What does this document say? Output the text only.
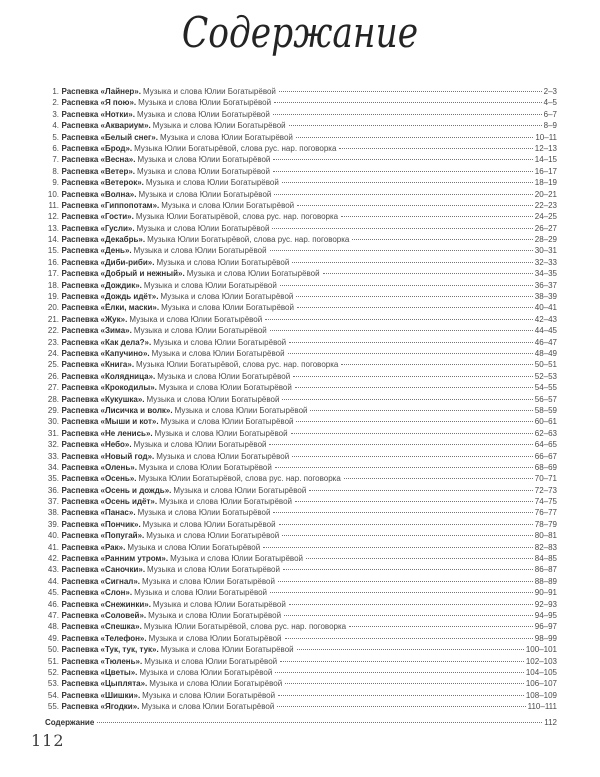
Содержание
1. Распевка «Лайнер». Музыка и слова Юлии Богатырёвой	2–3
2. Распевка «Я пою». Музыка и слова Юлии Богатырёвой	4–5
3. Распевка «Нотки». Музыка и слова Юлии Богатырёвой	6–7
4. Распевка «Аквариум». Музыка и слова Юлии Богатырёвой	8–9
5. Распевка «Белый снег». Музыка и слова Юлии Богатырёвой	10–11
6. Распевка «Брод». Музыка Юлии Богатырёвой, слова рус. нар. поговорка	12–13
7. Распевка «Весна». Музыка и слова Юлии Богатырёвой	14–15
8. Распевка «Ветер». Музыка и слова Юлии Богатырёвой	16–17
9. Распевка «Ветерок». Музыка и слова Юлии Богатырёвой	18–19
10. Распевка «Волна». Музыка и слова Юлии Богатырёвой	20–21
11. Распевка «Гиппопотам». Музыка и слова Юлии Богатырёвой	22–23
12. Распевка «Гости». Музыка Юлии Богатырёвой, слова рус. нар. поговорка	24–25
13. Распевка «Гусли». Музыка и слова Юлии Богатырёвой	26–27
14. Распевка «Декабрь». Музыка Юлии Богатырёвой, слова рус. нар. поговорка	28–29
15. Распевка «День». Музыка и слова Юлии Богатырёвой	30–31
16. Распевка «Диби-риби». Музыка и слова Юлии Богатырёвой	32–33
17. Распевка «Добрый и нежный». Музыка и слова Юлии Богатырёвой	34–35
18. Распевка «Дождик». Музыка и слова Юлии Богатырёвой	36–37
19. Распевка «Дождь идёт». Музыка и слова Юлии Богатырёвой	38–39
20. Распевка «Ёлки, маски». Музыка и слова Юлии Богатырёвой	40–41
21. Распевка «Жук». Музыка и слова Юлии Богатырёвой	42–43
22. Распевка «Зима». Музыка и слова Юлии Богатырёвой	44–45
23. Распевка «Как дела?». Музыка и слова Юлии Богатырёвой	46–47
24. Распевка «Капучино». Музыка и слова Юлии Богатырёвой	48–49
25. Распевка «Книга». Музыка Юлии Богатырёвой, слова рус. нар. поговорка	50–51
26. Распевка «Колядница». Музыка и слова Юлии Богатырёвой	52–53
27. Распевка «Крокодилы». Музыка и слова Юлии Богатырёвой	54–55
28. Распевка «Кукушка». Музыка и слова Юлии Богатырёвой	56–57
29. Распевка «Лисичка и волк». Музыка и слова Юлии Богатырёвой	58–59
30. Распевка «Мыши и кот». Музыка и слова Юлии Богатырёвой	60–61
31. Распевка «Не ленись». Музыка и слова Юлии Богатырёвой	62–63
32. Распевка «Небо». Музыка и слова Юлии Богатырёвой	64–65
33. Распевка «Новый год». Музыка и слова Юлии Богатырёвой	66–67
34. Распевка «Олень». Музыка и слова Юлии Богатырёвой	68–69
35. Распевка «Осень». Музыка Юлии Богатырёвой, слова рус. нар. поговорка	70–71
36. Распевка «Осень и дождь». Музыка и слова Юлии Богатырёвой	72–73
37. Распевка «Осень идёт». Музыка и слова Юлии Богатырёвой	74–75
38. Распевка «Панас». Музыка и слова Юлии Богатырёвой	76–77
39. Распевка «Пончик». Музыка и слова Юлии Богатырёвой	78–79
40. Распевка «Попугай». Музыка и слова Юлии Богатырёвой	80–81
41. Распевка «Рак». Музыка и слова Юлии Богатырёвой	82–83
42. Распевка «Ранним утром». Музыка и слова Юлии Богатырёвой	84–85
43. Распевка «Саночки». Музыка и слова Юлии Богатырёвой	86–87
44. Распевка «Сигнал». Музыка и слова Юлии Богатырёвой	88–89
45. Распевка «Слон». Музыка и слова Юлии Богатырёвой	90–91
46. Распевка «Снежинки». Музыка и слова Юлии Богатырёвой	92–93
47. Распевка «Соловей». Музыка и слова Юлии Богатырёвой	94–95
48. Распевка «Спешка». Музыка Юлии Богатырёвой, слова рус. нар. поговорка	96–97
49. Распевка «Телефон». Музыка и слова Юлии Богатырёвой	98–99
50. Распевка «Тук, тук, тук». Музыка и слова Юлии Богатырёвой	100–101
51. Распевка «Тюлень». Музыка и слова Юлии Богатырёвой	102–103
52. Распевка «Цветы». Музыка и слова Юлии Богатырёвой	104–105
53. Распевка «Цыплята». Музыка и слова Юлии Богатырёвой	106–107
54. Распевка «Шишки». Музыка и слова Юлии Богатырёвой	108–109
55. Распевка «Ягодки». Музыка и слова Юлии Богатырёвой	110–111
Содержание	112
112
